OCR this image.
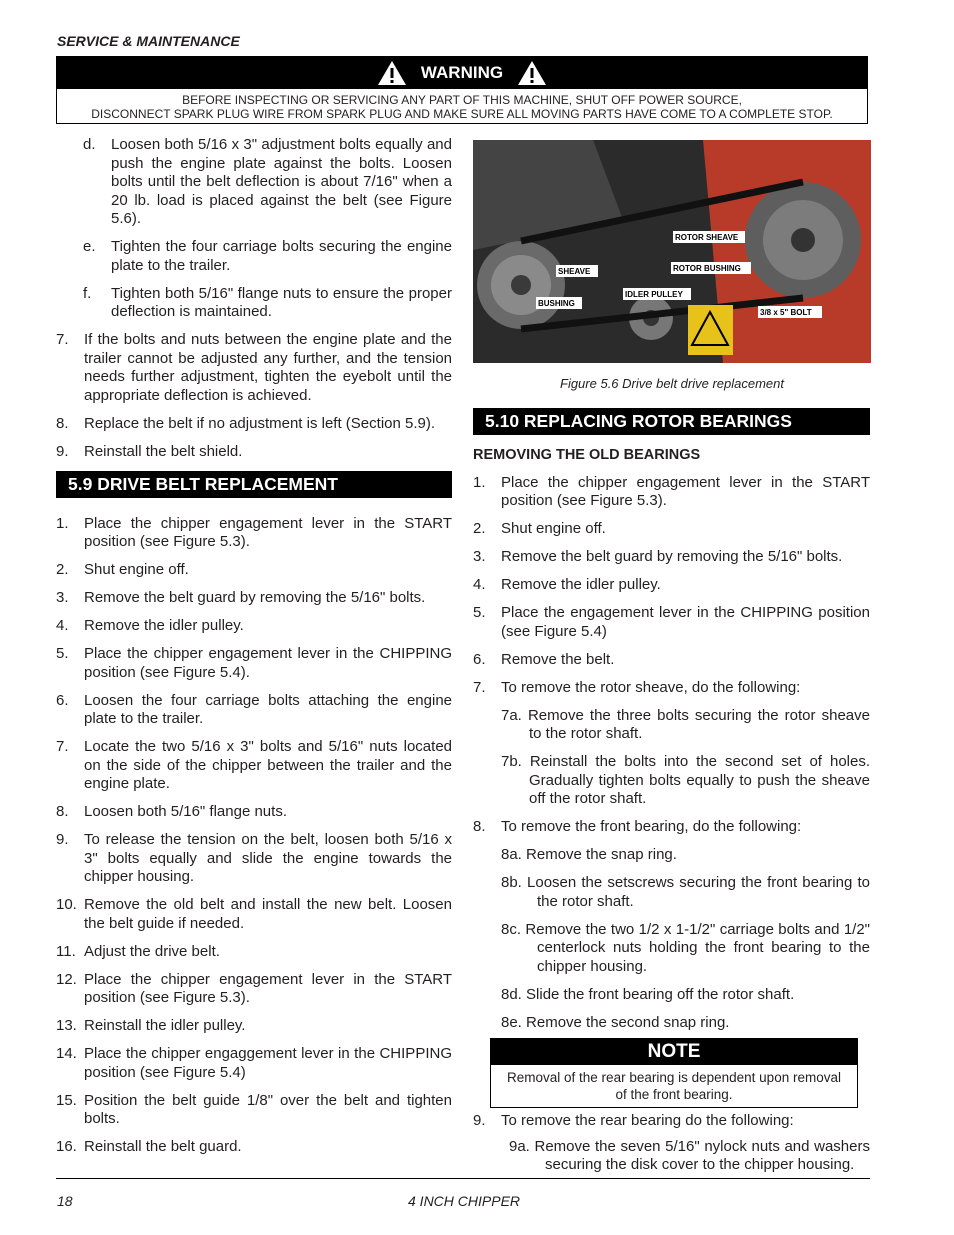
SERVICE & MAINTENANCE
WARNING
BEFORE INSPECTING OR SERVICING ANY PART OF THIS MACHINE, SHUT OFF POWER SOURCE,
DISCONNECT SPARK PLUG WIRE FROM SPARK PLUG AND MAKE SURE ALL MOVING PARTS HAVE COME TO A COMPLETE STOP.
d.	Loosen both 5/16 x 3" adjustment bolts equally and push the engine plate against the bolts. Loosen bolts until the belt deflection is about 7/16" when a 20 lb. load is placed against the belt (see Figure 5.6).
e.	Tighten the four carriage bolts securing the engine plate to the trailer.
f.	Tighten both 5/16" flange nuts to ensure the proper deflection is maintained.
7.	If the bolts and nuts between the engine plate and the trailer cannot be adjusted any further, and the tension needs further adjustment, tighten the eyebolt until the appropriate deflection is achieved.
8.	Replace the belt if no adjustment is left (Section 5.9).
9.	Reinstall the belt shield.
5.9 DRIVE BELT REPLACEMENT
1.	Place the chipper engagement lever in the START position (see Figure 5.3).
2.	Shut engine off.
3.	Remove the belt guard by removing the 5/16" bolts.
4.	Remove the idler pulley.
5.	Place the chipper engagement lever in the CHIPPING position (see Figure 5.4).
6.	Loosen the four carriage bolts attaching the engine plate to the trailer.
7.	Locate the two 5/16 x 3" bolts and 5/16" nuts located on the side of the chipper between the trailer and the engine plate.
8.	Loosen both 5/16" flange nuts.
9.	To release the tension on the belt, loosen both 5/16 x 3" bolts equally and slide the engine towards the chipper housing.
10. Remove the old belt and install the new belt. Loosen the belt guide if needed.
11. Adjust the drive belt.
12. Place the chipper engagement lever in the START position (see Figure 5.3).
13. Reinstall the idler pulley.
14. Place the chipper engaggement lever in the CHIPPING position (see Figure 5.4)
15. Position the belt guide 1/8" over the belt and tighten bolts.
16. Reinstall the belt guard.
ROTOR SHEAVE
SHEAVE	ROTOR BUSHING
BUSHING
IDLER PULLEY
3/8 x 5" BOLT
Figure 5.6 Drive belt drive replacement
5.10 REPLACING ROTOR BEARINGS
REMOVING THE OLD BEARINGS
1.	Place the chipper engagement lever in the START position (see Figure 5.3).
2.	Shut engine off.
3.	Remove the belt guard by removing the 5/16" bolts.
4.	Remove the idler pulley.
5.	Place the engagement lever in the CHIPPING position (see Figure 5.4)
6.	Remove the belt.
7.	To remove the rotor sheave, do the following:
7a. Remove the three bolts securing the rotor sheave to the rotor shaft.
7b. Reinstall the bolts into the second set of holes. Gradually tighten bolts equally to push the sheave off the rotor shaft.
8.	To remove the front bearing, do the following:
8a. Remove the snap ring.
8b. Loosen the setscrews securing the front bearing to the rotor shaft.
8c. Remove the two 1/2 x 1-1/2" carriage bolts and 1/2" centerlock nuts holding the front bearing to the chipper housing.
8d. Slide the front bearing off the rotor shaft.
8e. Remove the second snap ring.
NOTE
Removal of the rear bearing is dependent upon removal of the front bearing.
9.	To remove the rear bearing do the following:
9a. Remove the seven 5/16" nylock nuts and washers securing the disk cover to the chipper housing.
18	4 INCH CHIPPER
